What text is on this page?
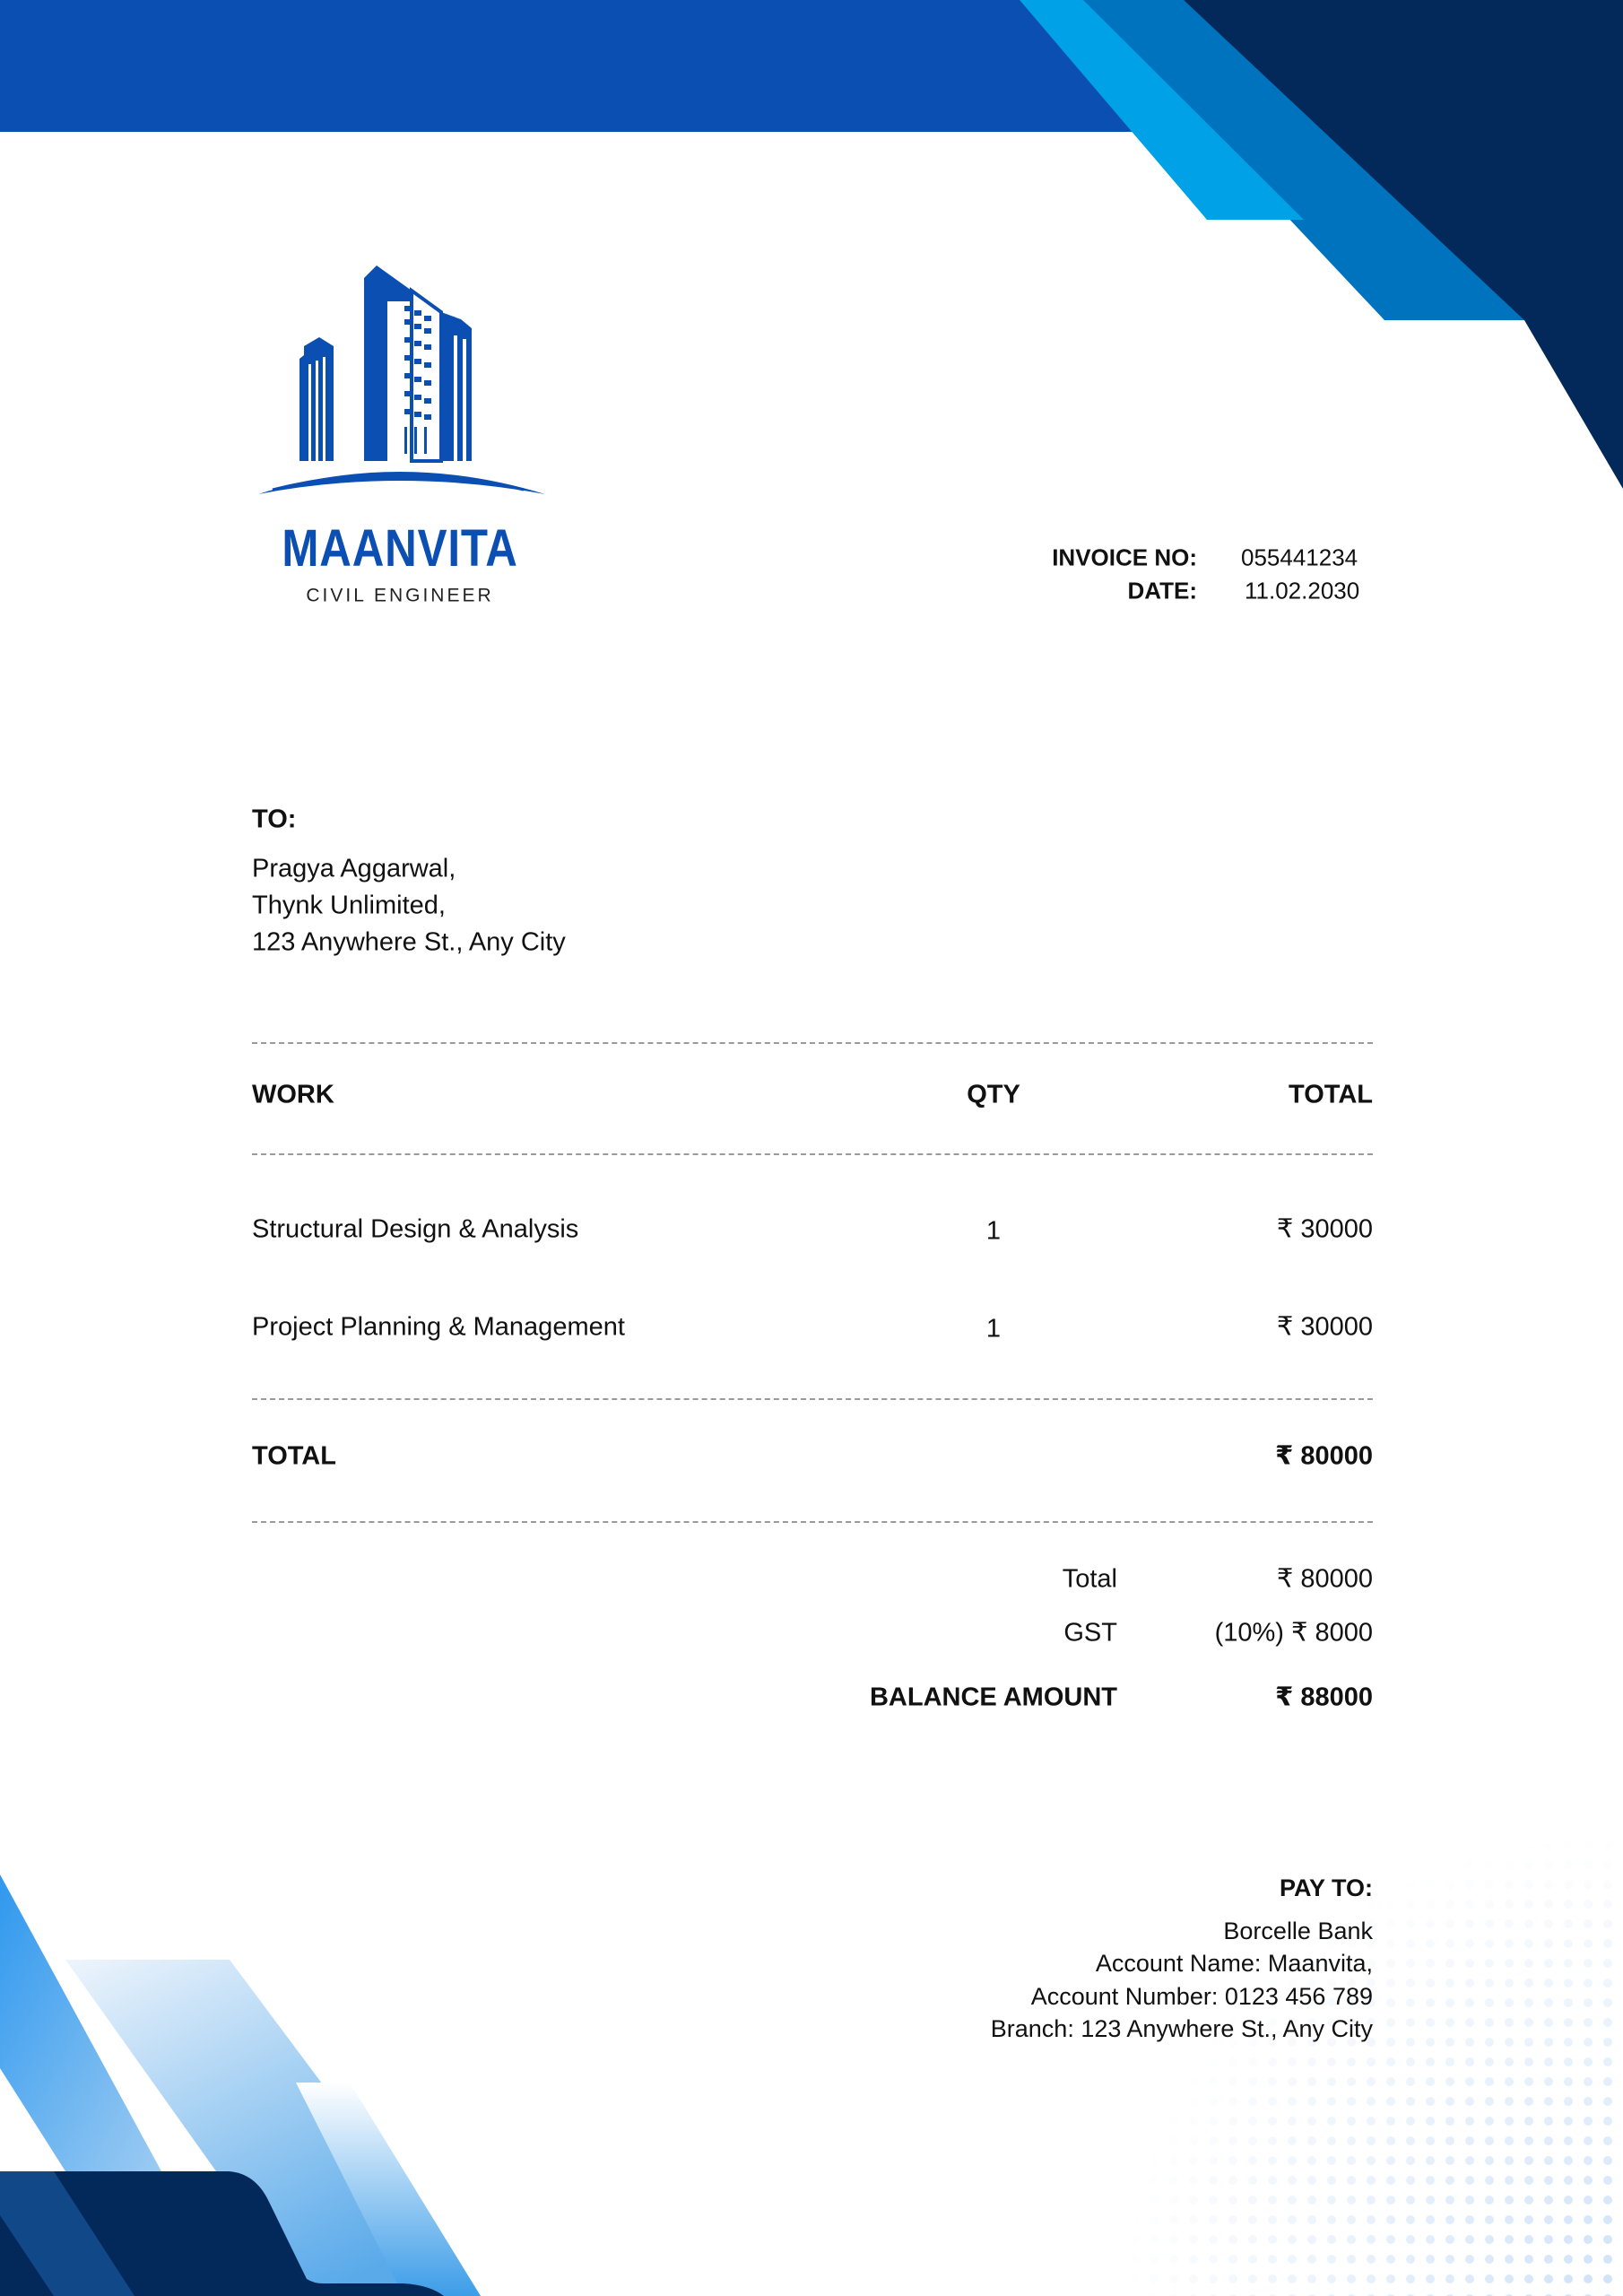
MAANVITA
CIVIL ENGINEER
INVOICE NO: 055441234
DATE: 11.02.2030
TO:
Pragya Aggarwal,
Thynk Unlimited,
123 Anywhere St., Any City
WORK	QTY	TOTAL
Structural Design & Analysis	1	₹ 30000
Project Planning & Management	1	₹ 30000
TOTAL	₹ 80000
Total	₹ 80000
GST	(10%) ₹ 8000
BALANCE AMOUNT	₹ 88000
PAY TO:
Borcelle Bank
Account Name: Maanvita,
Account Number: 0123 456 789
Branch: 123 Anywhere St., Any City
